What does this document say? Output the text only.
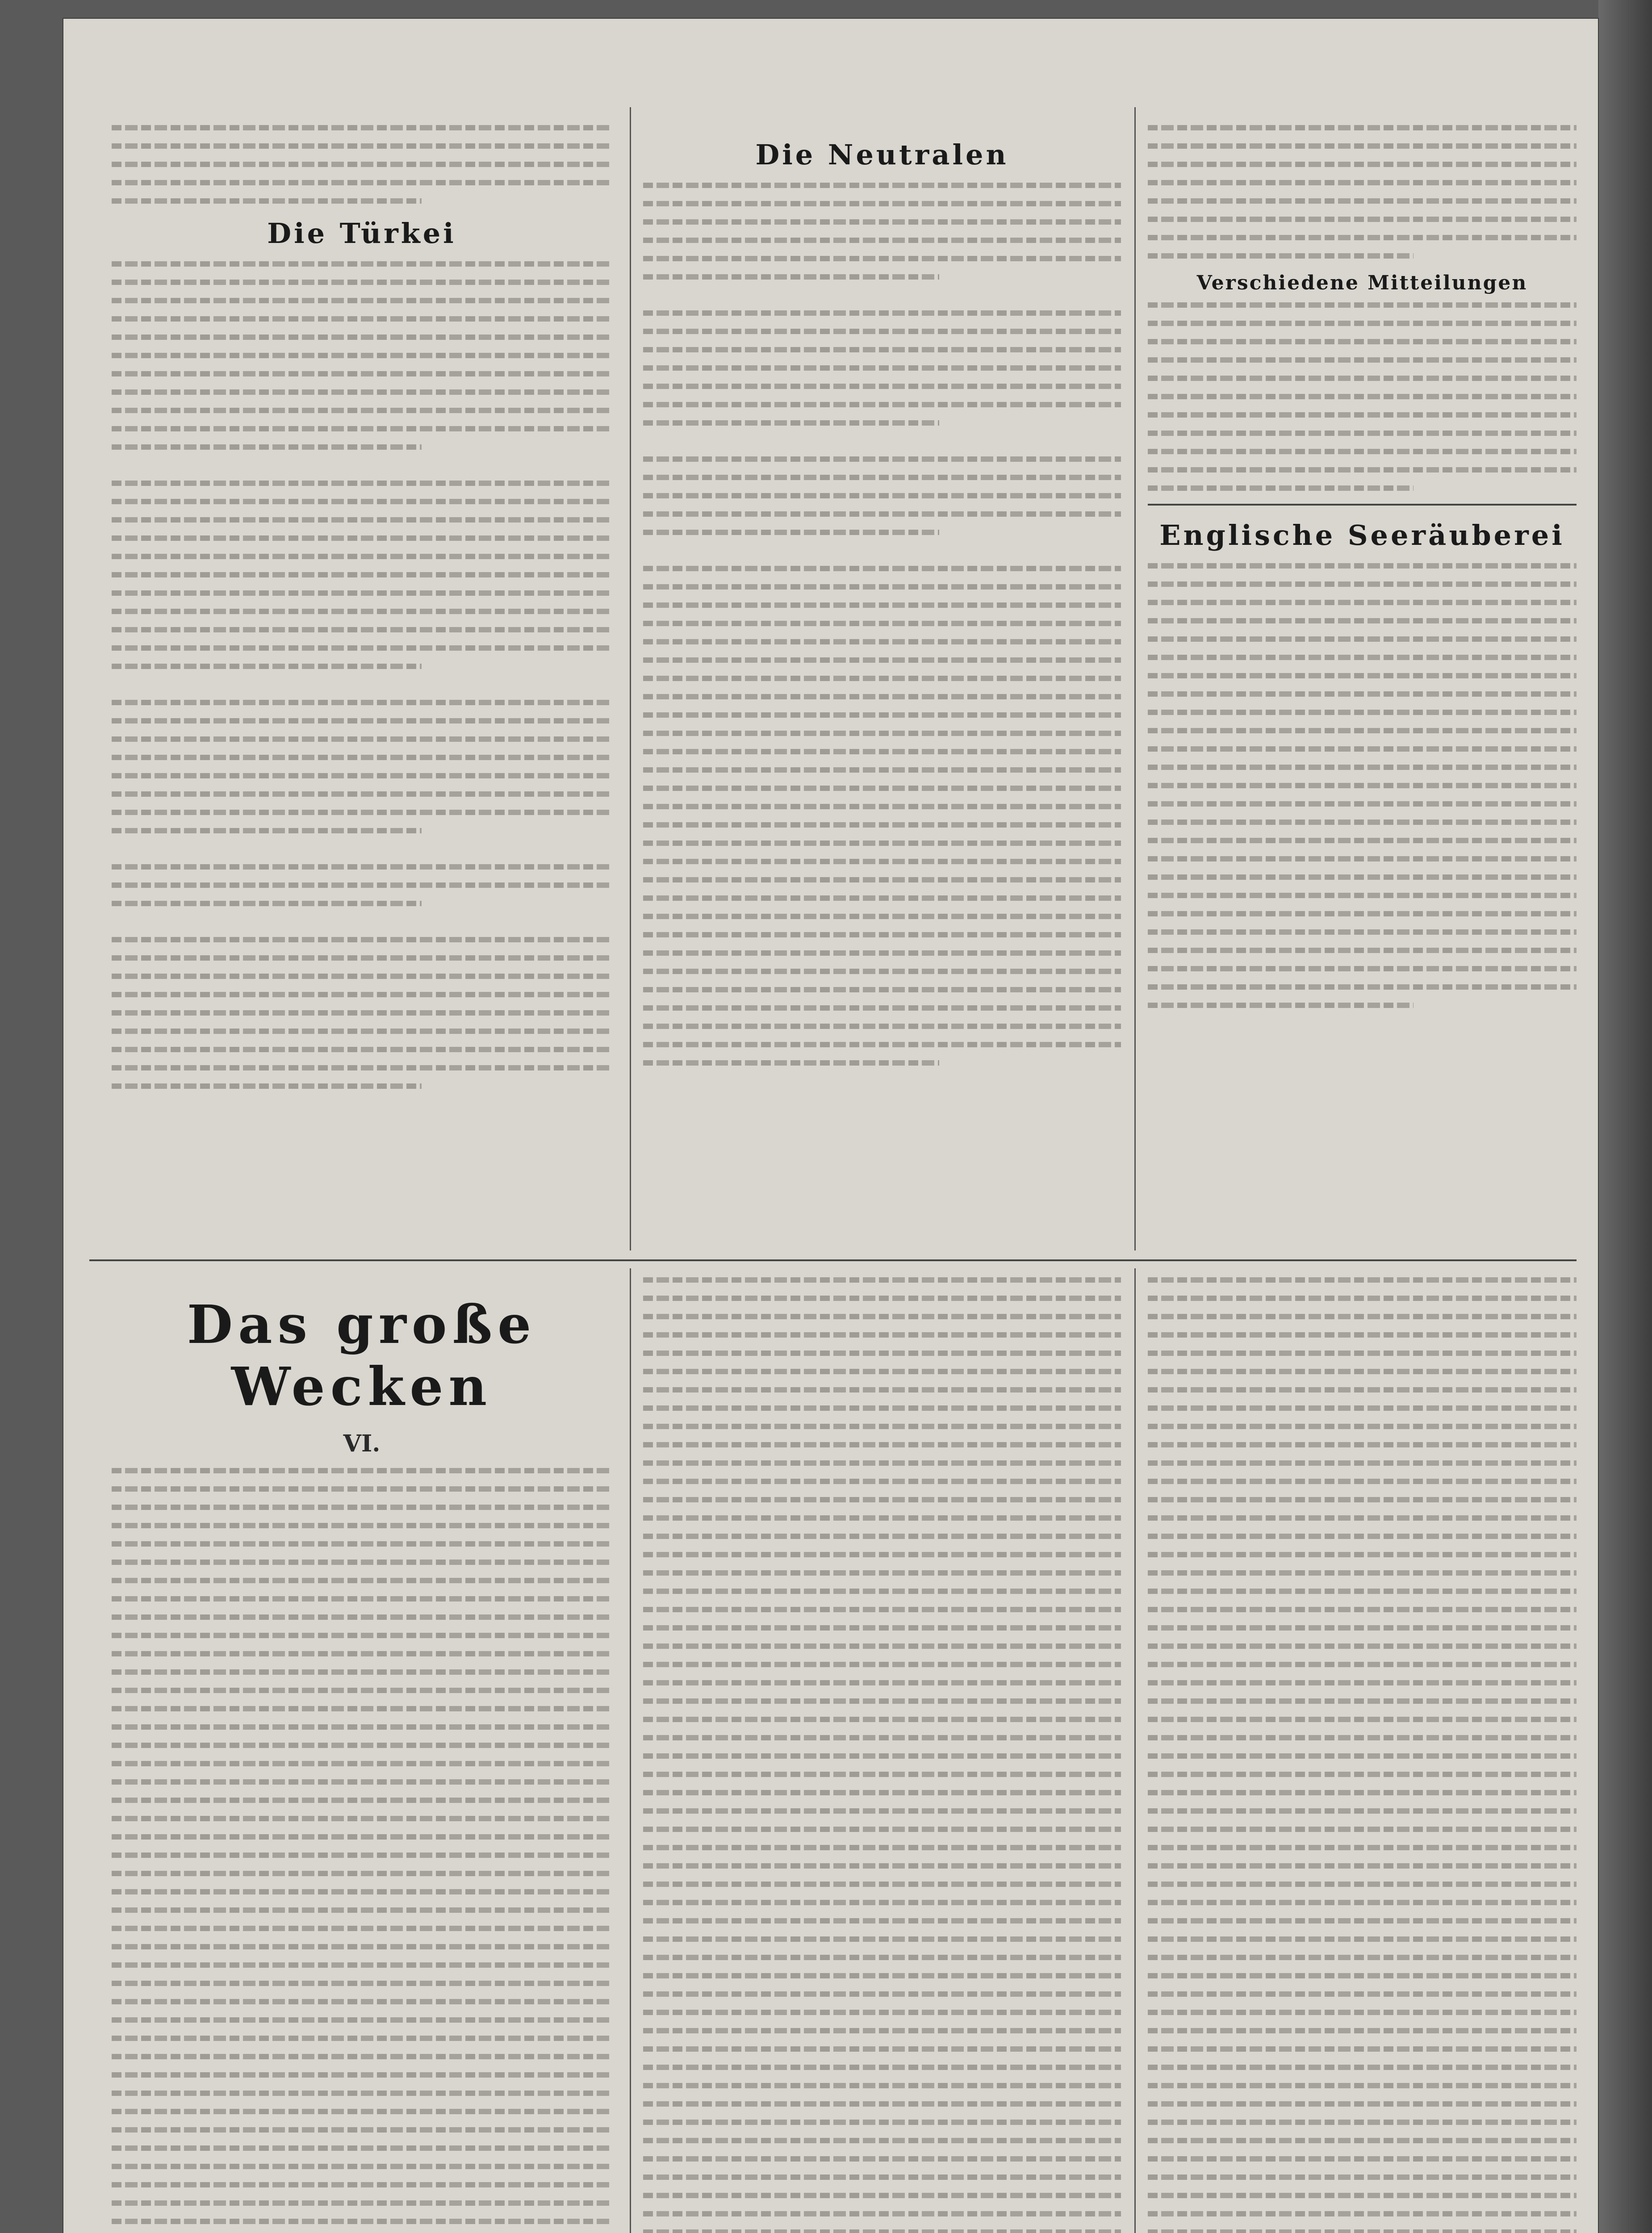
Die Türkei
Die Neutralen
Verschiedene Mitteilungen
Englische Seeräuberei
Das große Wecken
VI.
